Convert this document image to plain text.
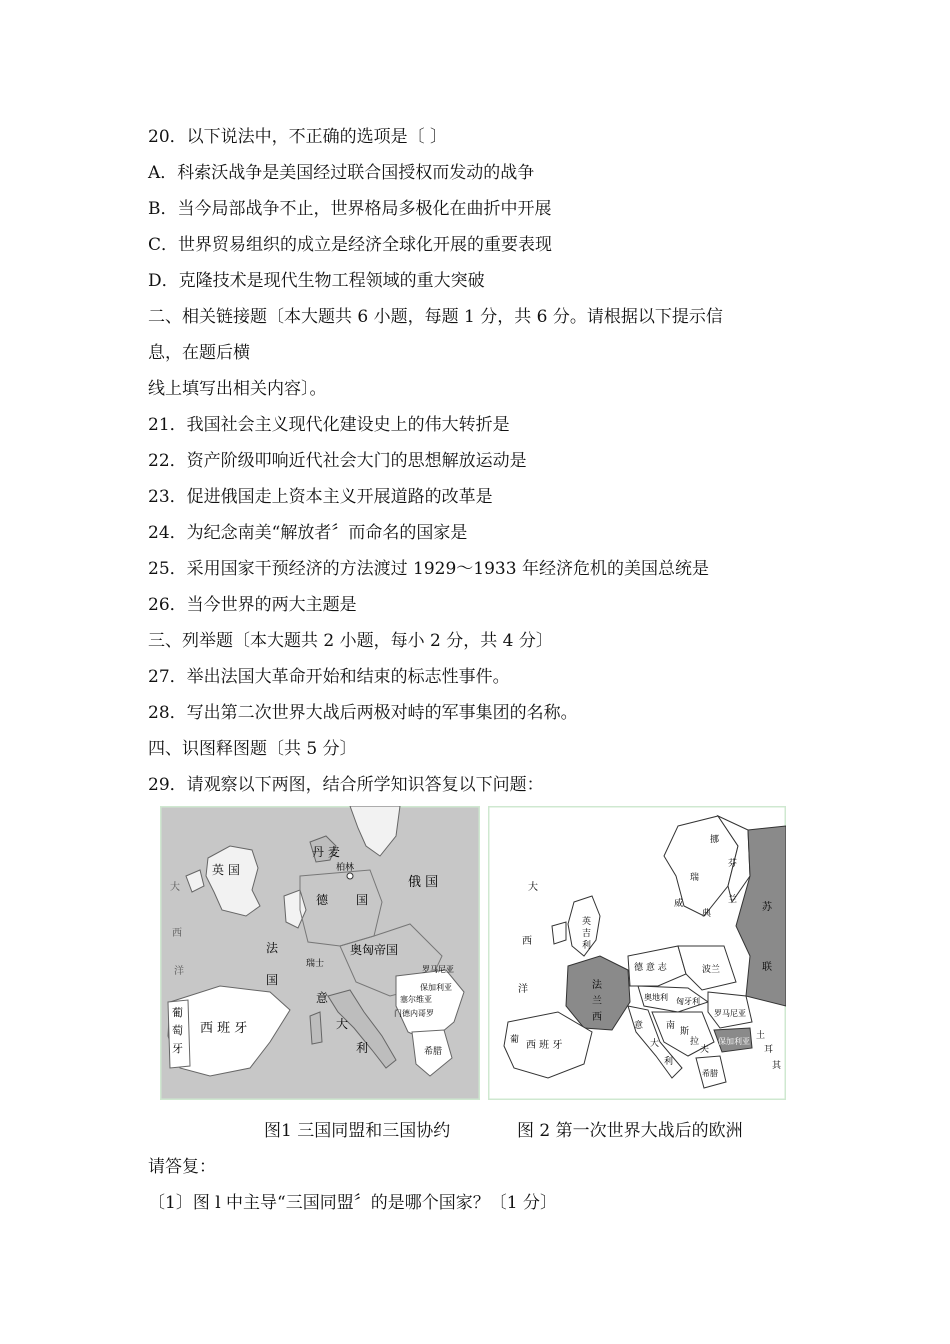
20．以下说法中，不正确的选项是〔 〕
A．科索沃战争是美国经过联合国授权而发动的战争
B．当今局部战争不止，世界格局多极化在曲折中开展
C．世界贸易组织的成立是经济全球化开展的重要表现
D．克隆技术是现代生物工程领域的重大突破
二、相关链接题〔本大题共 6 小题，每题 1 分，共 6 分。请根据以下提示信
息，在题后横
线上填写出相关内容〕。
21．我国社会主义现代化建设史上的伟大转折是
22．资产阶级叩响近代社会大门的思想解放运动是
23．促进俄国走上资本主义开展道路的改革是
24．为纪念南美“解放者〞而命名的国家是
25．采用国家干预经济的方法渡过 1929～1933 年经济危机的美国总统是
26．当今世界的两大主题是
三、列举题〔本大题共 2 小题，每小 2 分，共 4 分〕
27．举出法国大革命开始和结束的标志性事件。
28．写出第二次世界大战后两极对峙的军事集团的名称。
四、识图释图题〔共 5 分〕
29．请观察以下两图，结合所学知识答复以下问题：
英 国
大
西
洋
丹 麦
柏林
德 国
俄 国
法
国
瑞士
奥匈帝国
罗马尼亚
保加利亚
塞尔维亚
门德内哥罗
意
大
利	希腊
葡
萄
牙
西 班 牙
大
西
洋
挪
威
瑞
典
芬
兰
苏
联
英
吉
利
德 意 志	波兰
法
兰
西
奥地利 匈牙利
罗马尼亚
南
斯
拉
夫
保加利亚
意
大
利
西 班 牙
葡	土
耳
其
希腊
图1 三国同盟和三国协约	图 2 第一次世界大战后的欧洲
请答复：
〔1〕图 l 中主导“三国同盟〞的是哪个国家？〔1 分〕
